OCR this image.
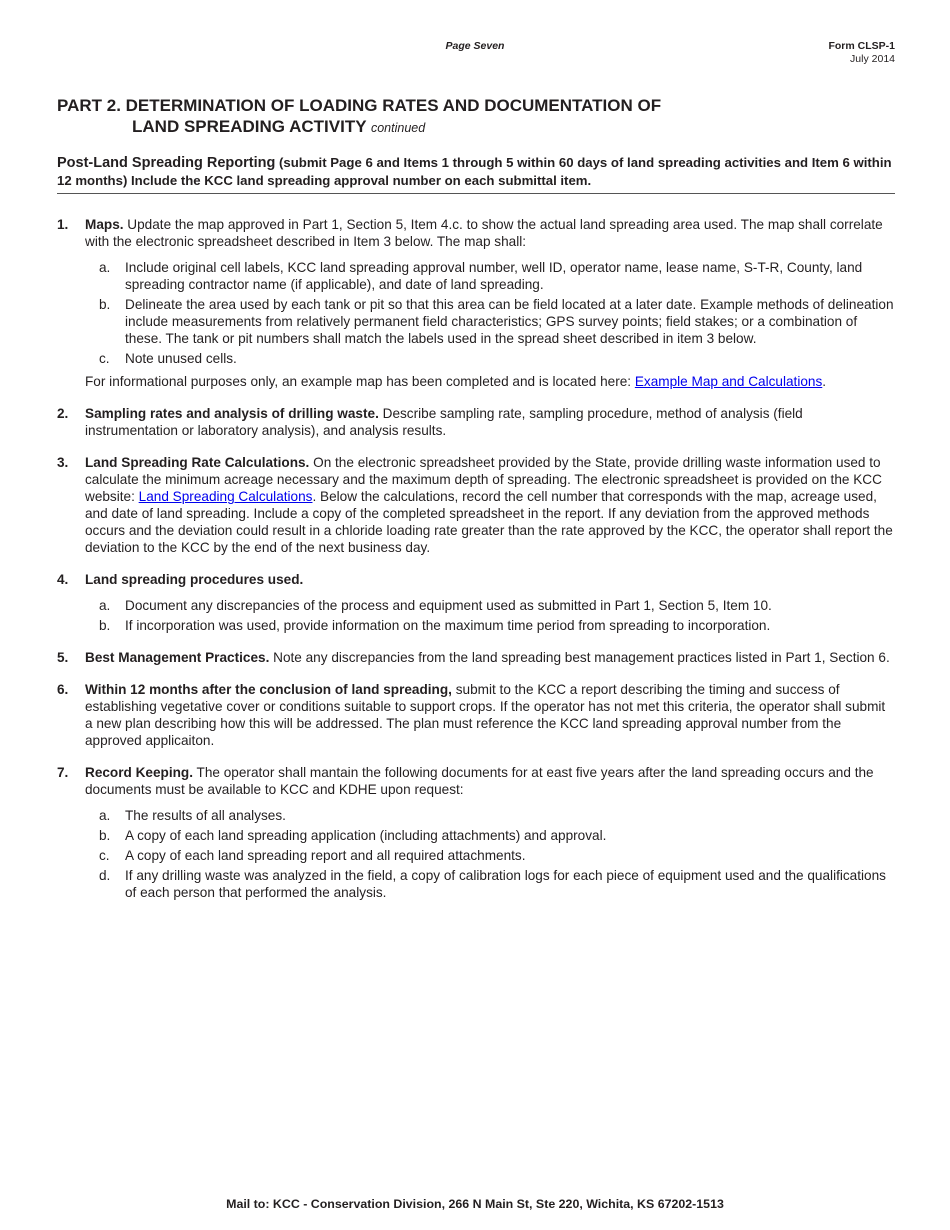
Page Seven	Form CLSP-1
July 2014
PART 2. DETERMINATION OF LOADING RATES AND DOCUMENTATION OF
LAND SPREADING ACTIVITY continued
Post-Land Spreading Reporting (submit Page 6 and Items 1 through 5 within 60 days of land spreading activities and Item 6 within 12 months) Include the KCC land spreading approval number on each submittal item.
1. Maps. Update the map approved in Part 1, Section 5, Item 4.c. to show the actual land spreading area used. The map shall correlate with the electronic spreadsheet described in Item 3 below. The map shall:
a. Include original cell labels, KCC land spreading approval number, well ID, operator name, lease name, S-T-R, County, land spreading contractor name (if applicable), and date of land spreading.
b. Delineate the area used by each tank or pit so that this area can be field located at a later date. Example methods of delineation include measurements from relatively permanent field characteristics; GPS survey points; field stakes; or a combination of these. The tank or pit numbers shall match the labels used in the spread sheet described in item 3 below.
c. Note unused cells.
For informational purposes only, an example map has been completed and is located here: Example Map and Calculations.
2. Sampling rates and analysis of drilling waste. Describe sampling rate, sampling procedure, method of analysis (field instrumentation or laboratory analysis), and analysis results.
3. Land Spreading Rate Calculations. On the electronic spreadsheet provided by the State, provide drilling waste information used to calculate the minimum acreage necessary and the maximum depth of spreading. The electronic spreadsheet is provided on the KCC website: Land Spreading Calculations. Below the calculations, record the cell number that corresponds with the map, acreage used, and date of land spreading. Include a copy of the completed spreadsheet in the report. If any deviation from the approved methods occurs and the deviation could result in a chloride loading rate greater than the rate approved by the KCC, the operator shall report the deviation to the KCC by the end of the next business day.
4. Land spreading procedures used.
a. Document any discrepancies of the process and equipment used as submitted in Part 1, Section 5, Item 10.
b. If incorporation was used, provide information on the maximum time period from spreading to incorporation.
5. Best Management Practices. Note any discrepancies from the land spreading best management practices listed in Part 1, Section 6.
6. Within 12 months after the conclusion of land spreading, submit to the KCC a report describing the timing and success of establishing vegetative cover or conditions suitable to support crops. If the operator has not met this criteria, the operator shall submit a new plan describing how this will be addressed. The plan must reference the KCC land spreading approval number from the approved applicaiton.
7. Record Keeping. The operator shall mantain the following documents for at east five years after the land spreading occurs and the documents must be available to KCC and KDHE upon request:
a. The results of all analyses.
b. A copy of each land spreading application (including attachments) and approval.
c. A copy of each land spreading report and all required attachments.
d. If any drilling waste was analyzed in the field, a copy of calibration logs for each piece of equipment used and the qualifications of each person that performed the analysis.
Mail to: KCC - Conservation Division, 266 N Main St, Ste 220, Wichita, KS 67202-1513
